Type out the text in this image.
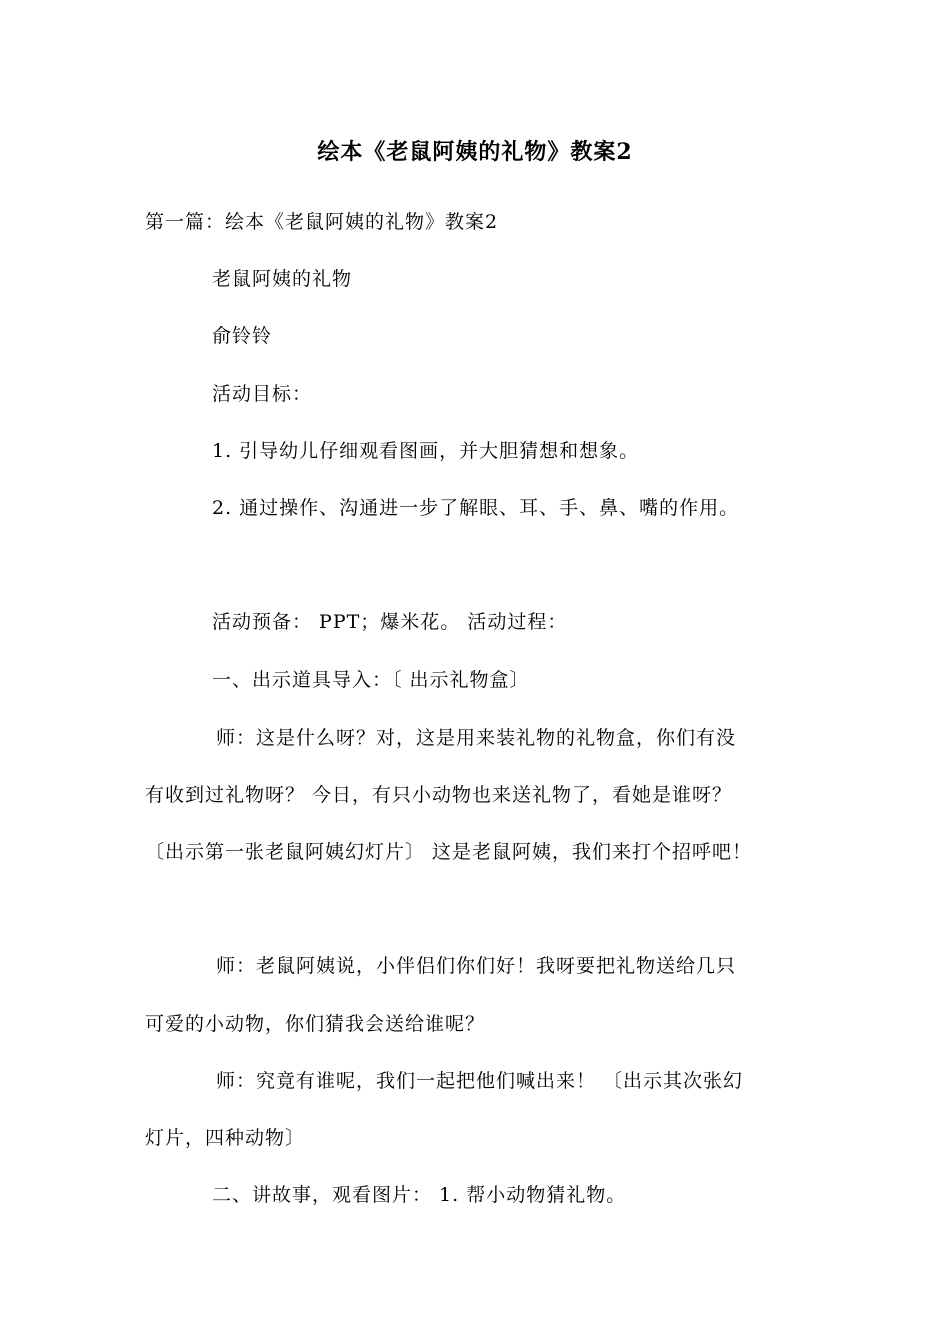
绘本《老鼠阿姨的礼物》教案2
第一篇：绘本《老鼠阿姨的礼物》教案2
老鼠阿姨的礼物
俞铃铃
活动目标：
1. 引导幼儿仔细观看图画，并大胆猜想和想象。
2. 通过操作、沟通进一步了解眼、耳、手、鼻、嘴的作用。
活动预备： PPT；爆米花。 活动过程：
一、出示道具导入：〔 出示礼物盒〕
师：这是什么呀？对，这是用来装礼物的礼物盒，你们有没
有收到过礼物呀？ 今日，有只小动物也来送礼物了，看她是谁呀？
〔出示第一张老鼠阿姨幻灯片〕 这是老鼠阿姨，我们来打个招呼吧！
师：老鼠阿姨说，小伴侣们你们好！我呀要把礼物送给几只
可爱的小动物，你们猜我会送给谁呢？
师：究竟有谁呢，我们一起把他们喊出来！ 〔出示其次张幻
灯片，四种动物〕
二、讲故事，观看图片： 1. 帮小动物猜礼物。
